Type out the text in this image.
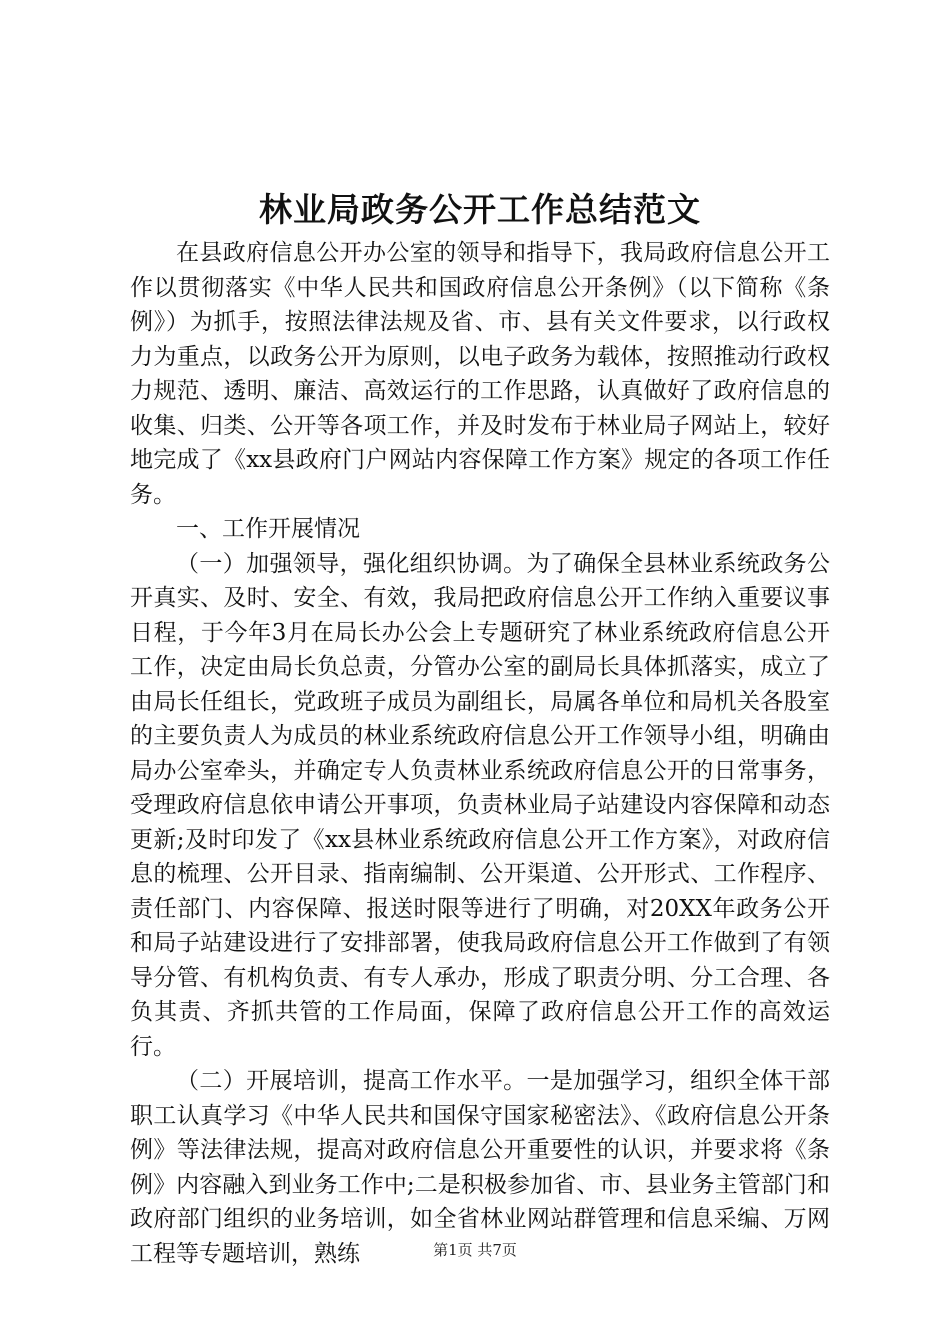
林业局政务公开工作总结范文

在县政府信息公开办公室的领导和指导下，我局政府信息公开工作以贯彻落实《中华人民共和国政府信息公开条例》（以下简称《条例》）为抓手，按照法律法规及省、市、县有关文件要求，以行政权力为重点，以政务公开为原则，以电子政务为载体，按照推动行政权力规范、透明、廉洁、高效运行的工作思路，认真做好了政府信息的收集、归类、公开等各项工作，并及时发布于林业局子网站上，较好地完成了《xx县政府门户网站内容保障工作方案》规定的各项工作任务。

一、工作开展情况

（一）加强领导，强化组织协调。为了确保全县林业系统政务公开真实、及时、安全、有效，我局把政府信息公开工作纳入重要议事日程，于今年3月在局长办公会上专题研究了林业系统政府信息公开工作，决定由局长负总责，分管办公室的副局长具体抓落实，成立了由局长任组长，党政班子成员为副组长，局属各单位和局机关各股室的主要负责人为成员的林业系统政府信息公开工作领导小组，明确由局办公室牵头，并确定专人负责林业系统政府信息公开的日常事务，受理政府信息依申请公开事项，负责林业局子站建设内容保障和动态更新;及时印发了《xx县林业系统政府信息公开工作方案》，对政府信息的梳理、公开目录、指南编制、公开渠道、公开形式、工作程序、责任部门、内容保障、报送时限等进行了明确，对20XX年政务公开和局子站建设进行了安排部署，使我局政府信息公开工作做到了有领导分管、有机构负责、有专人承办，形成了职责分明、分工合理、各负其责、齐抓共管的工作局面，保障了政府信息公开工作的高效运行。

（二）开展培训，提高工作水平。一是加强学习，组织全体干部职工认真学习《中华人民共和国保守国家秘密法》、《政府信息公开条例》等法律法规，提高对政府信息公开重要性的认识，并要求将《条例》内容融入到业务工作中;二是积极参加省、市、县业务主管部门和政府部门组织的业务培训，如全省林业网站群管理和信息采编、万网工程等专题培训，熟练	第1页 共7页
